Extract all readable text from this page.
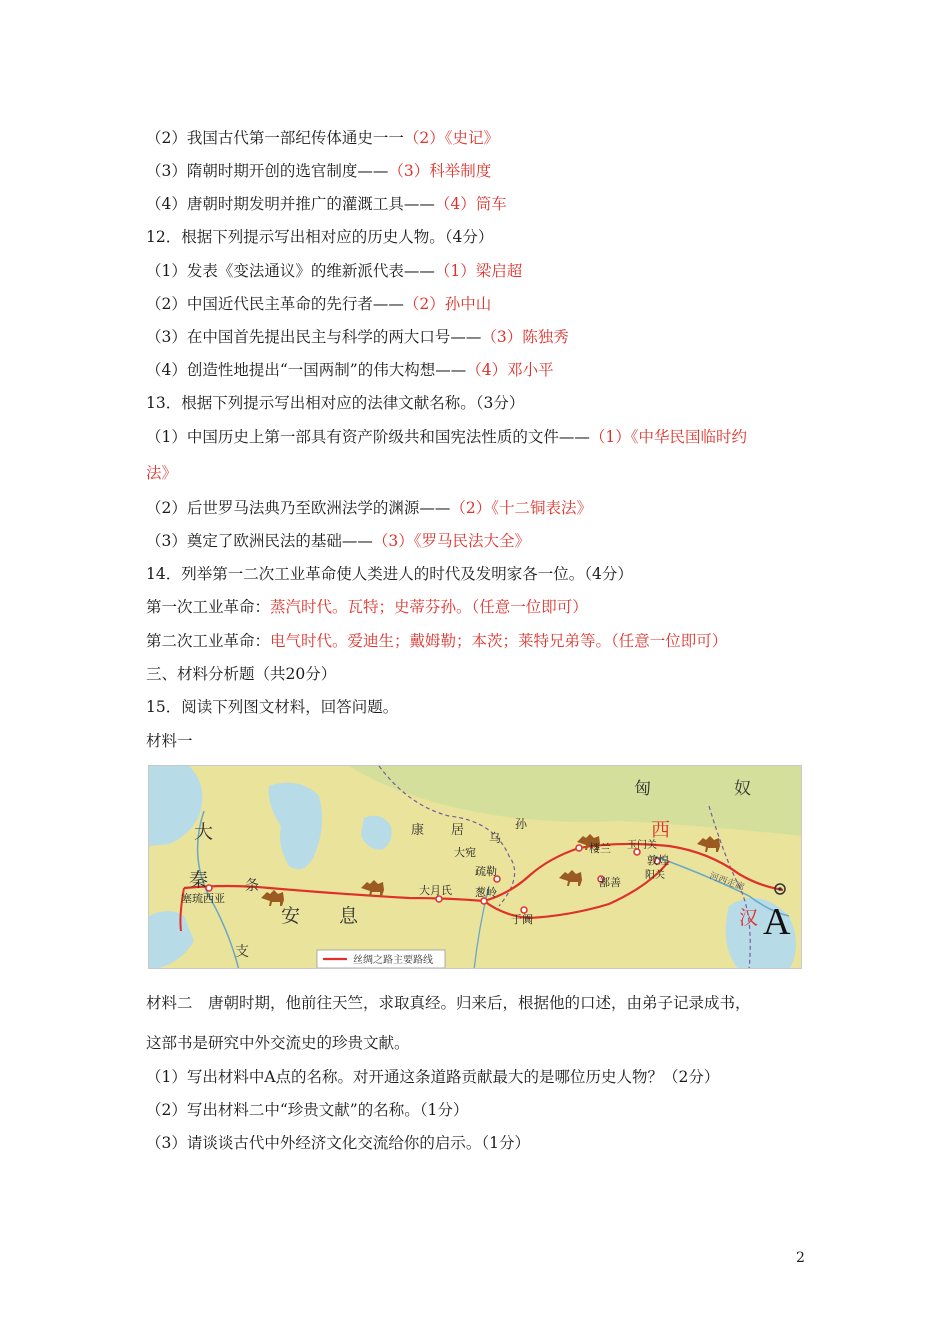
（2）我国古代第一部纪传体通史一一（2）《史记》
（3）隋朝时期开创的选官制度——（3）科举制度
（4）唐朝时期发明并推广的灌溉工具——（4）筒车
12．根据下列提示写出相对应的历史人物。（4分）
（1）发表《变法通议》的维新派代表——（1）梁启超
（2）中国近代民主革命的先行者——（2）孙中山
（3）在中国首先提出民主与科学的两大口号——（3）陈独秀
（4）创造性地提出“一国两制”的伟大构想——（4）邓小平
13．根据下列提示写出相对应的法律文献名称。（3分）
（1）中国历史上第一部具有资产阶级共和国宪法性质的文件——（1）《中华民国临时约
法》
（2）后世罗马法典乃至欧洲法学的渊源——（2）《十二铜表法》
（3）奠定了欧洲民法的基础——（3）《罗马民法大全》
14．列举第一二次工业革命使人类进人的时代及发明家各一位。（4分）
第一次工业革命：蒸汽时代。瓦特；史蒂芬孙。（任意一位即可）
第二次工业革命：电气时代。爱迪生；戴姆勒；本茨；莱特兄弟等。（任意一位即可）
三、材料分析题（共20分）
15．阅读下列图文材料，回答问题。
材料一
匈	奴
大
秦	条
支
安 息
康 居 乌
孙	西
汉
大宛
疏勒
葱岭
大月氏
于阗
楼兰 玉门关
敦煌
阳关
鄯善	河西走廊
塞琉西亚
A
丝绸之路主要路线
材料二　唐朝时期，他前往天竺，求取真经。归来后，根据他的口述，由弟子记录成书，
这部书是研究中外交流史的珍贵文献。
（1）写出材料中A点的名称。对开通这条道路贡献最大的是哪位历史人物？（2分）
（2）写出材料二中“珍贵文献”的名称。（1分）
（3）请谈谈古代中外经济文化交流给你的启示。（1分）
2
